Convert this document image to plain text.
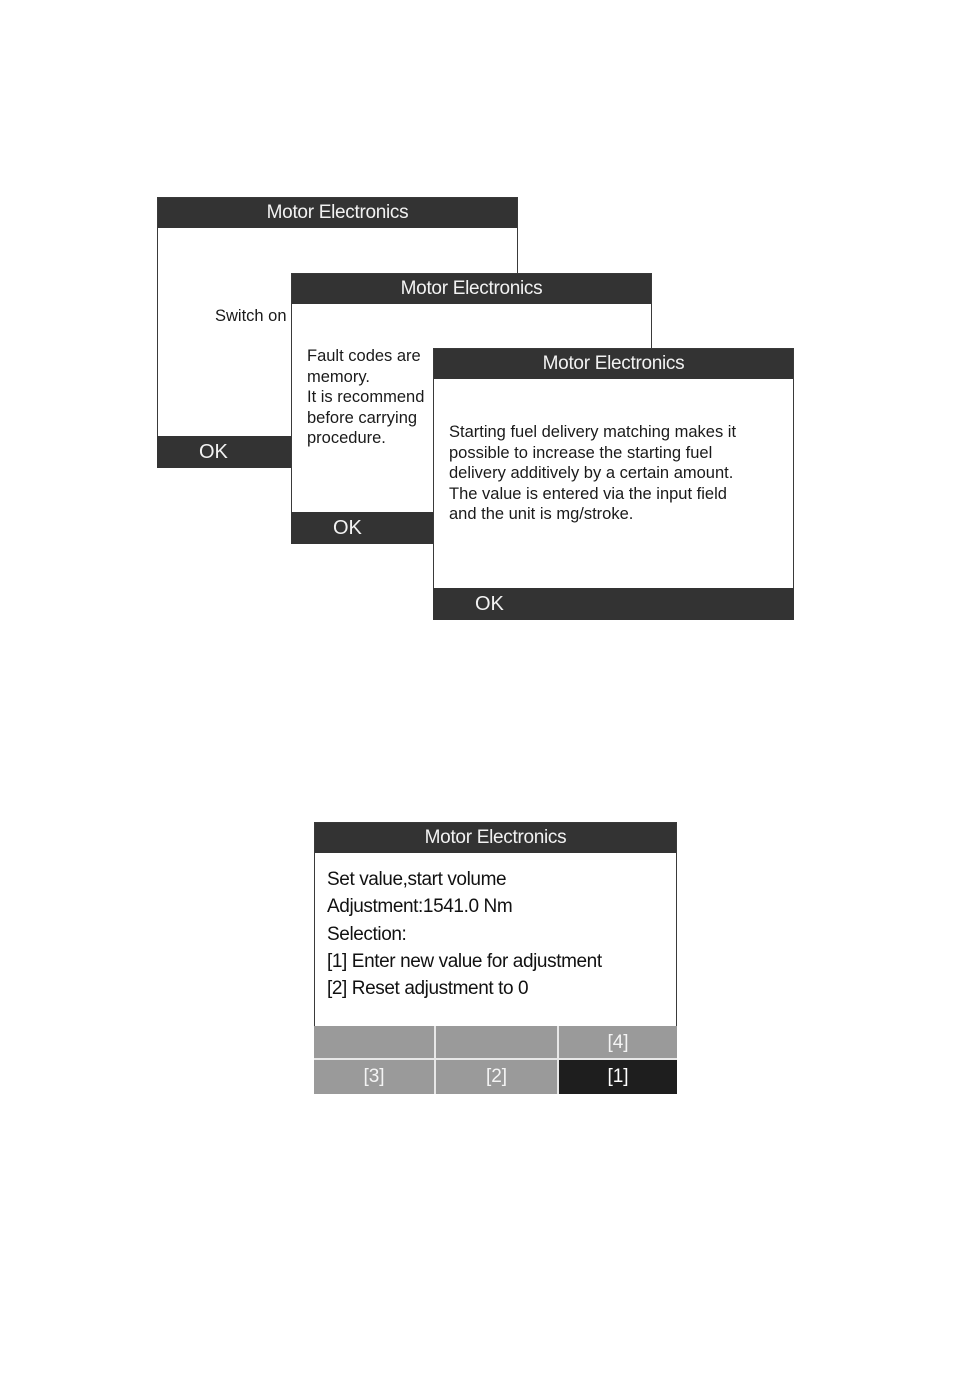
Motor Electronics
Switch on
OK
Motor Electronics
Fault codes are
memory.
It is recommend
before carrying
procedure.
OK
Motor Electronics
Starting fuel delivery matching makes it
possible to increase the starting fuel
delivery additively by a certain amount.
The value is entered via the input field
and the unit is mg/stroke.
OK
Motor Electronics
Set value,start volume
Adjustment:1541.0 Nm
Selection:
[1] Enter new value for adjustment
[2] Reset adjustment to 0
[4]
[3]	[2]	[1]
